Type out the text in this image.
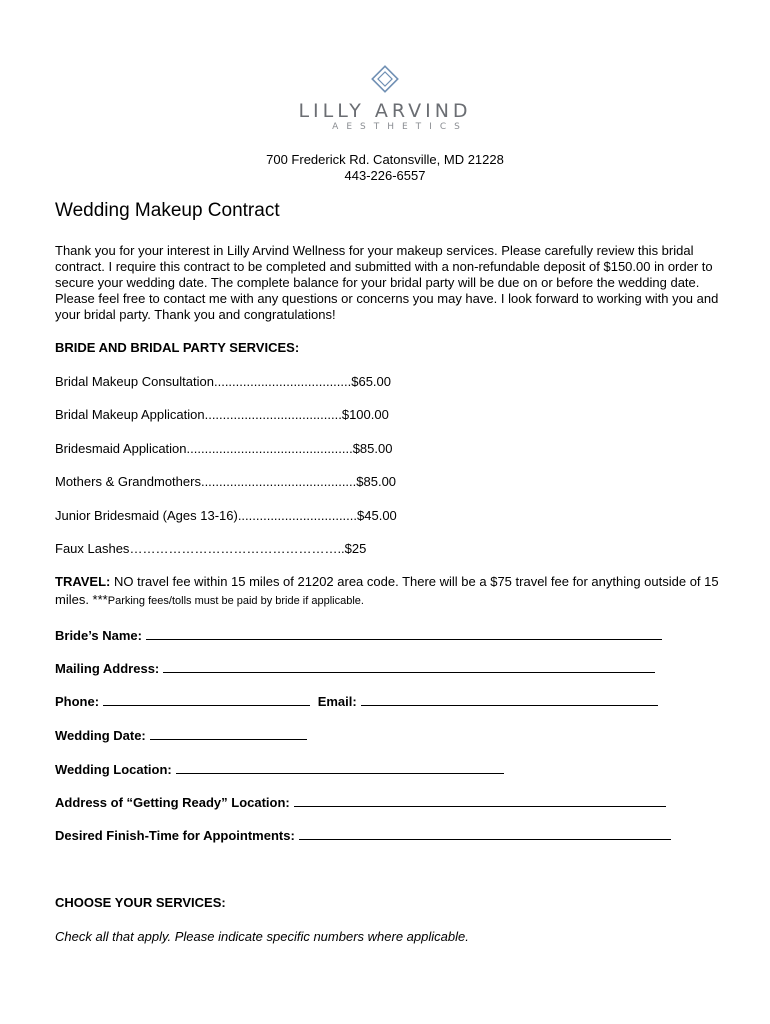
LILLY ARVIND
AESTHETICS
700 Frederick Rd. Catonsville, MD 21228
443-226-6557
Wedding Makeup Contract

Thank you for your interest in Lilly Arvind Wellness for your makeup services. Please carefully review this bridal contract. I require this contract to be completed and submitted with a non-refundable deposit of $150.00 in order to secure your wedding date. The complete balance for your bridal party will be due on or before the wedding date. Please feel free to contact me with any questions or concerns you may have. I look forward to working with you and your bridal party. Thank you and congratulations!

BRIDE AND BRIDAL PARTY SERVICES:

Bridal Makeup Consultation......................................$65.00
Bridal Makeup Application......................................$100.00
Bridesmaid Application..............................................$85.00
Mothers & Grandmothers...........................................$85.00
Junior Bridesmaid (Ages 13-16).................................$45.00
Faux Lashes…………………………………………..$25

TRAVEL: NO travel fee within 15 miles of 21202 area code. There will be a $75 travel fee for anything outside of 15 miles. ***Parking fees/tolls must be paid by bride if applicable.

Bride’s Name:
Mailing Address:
Phone:	Email:
Wedding Date:
Wedding Location:
Address of “Getting Ready” Location:
Desired Finish-Time for Appointments:

CHOOSE YOUR SERVICES:

Check all that apply. Please indicate specific numbers where applicable.
